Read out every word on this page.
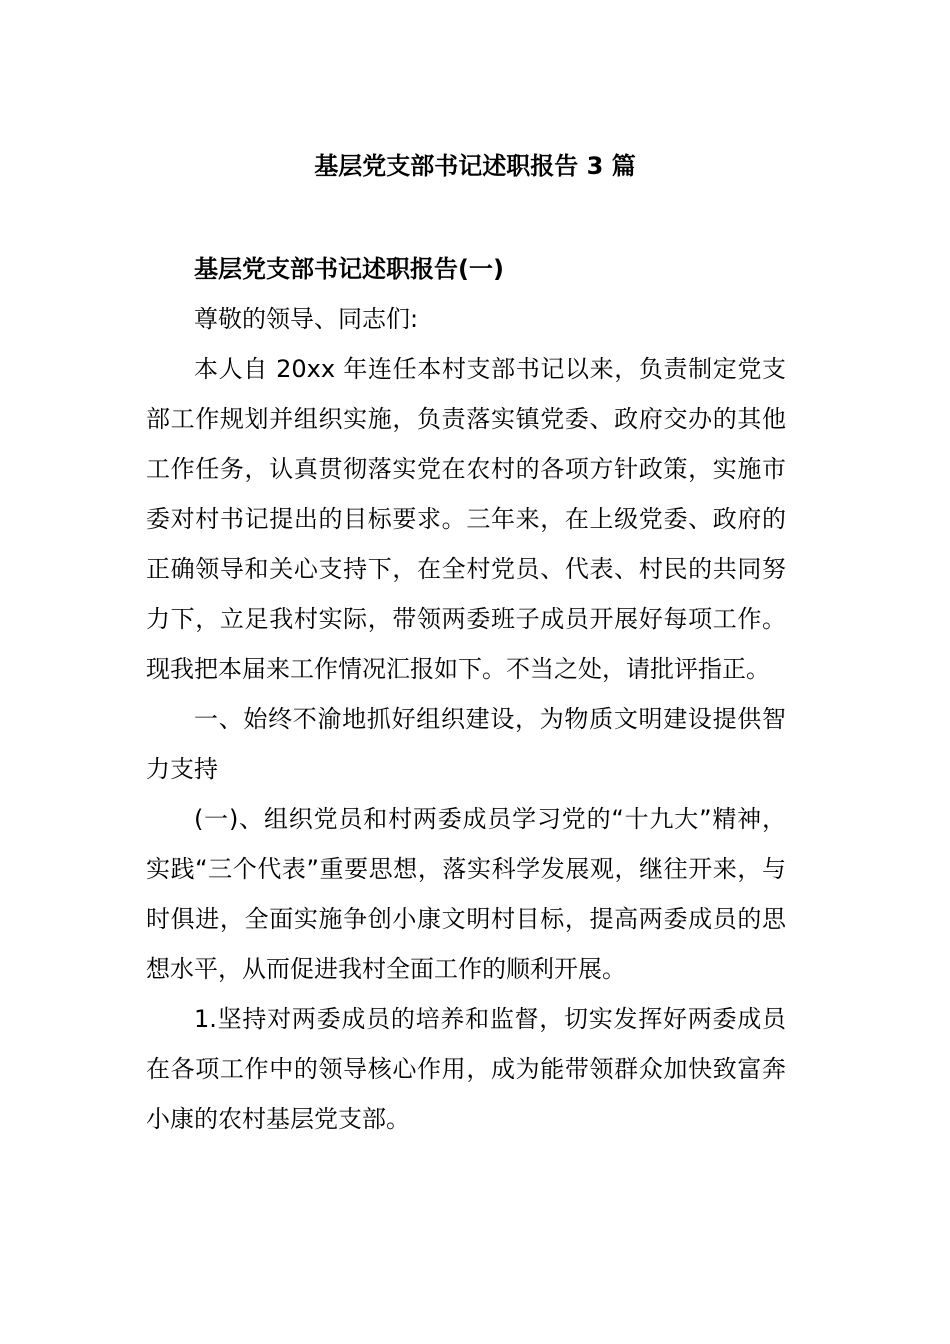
基层党支部书记述职报告 3 篇

基层党支部书记述职报告(一)

尊敬的领导、同志们:

本人自 20xx 年连任本村支部书记以来，负责制定党支部工作规划并组织实施，负责落实镇党委、政府交办的其他工作任务，认真贯彻落实党在农村的各项方针政策，实施市委对村书记提出的目标要求。三年来，在上级党委、政府的正确领导和关心支持下，在全村党员、代表、村民的共同努力下，立足我村实际，带领两委班子成员开展好每项工作。现我把本届来工作情况汇报如下。不当之处，请批评指正。

一、始终不渝地抓好组织建设，为物质文明建设提供智力支持

(一)、组织党员和村两委成员学习党的“十九大”精神，实践“三个代表”重要思想，落实科学发展观，继往开来，与时俱进，全面实施争创小康文明村目标，提高两委成员的思想水平，从而促进我村全面工作的顺利开展。

1.坚持对两委成员的培养和监督，切实发挥好两委成员在各项工作中的领导核心作用，成为能带领群众加快致富奔小康的农村基层党支部。
